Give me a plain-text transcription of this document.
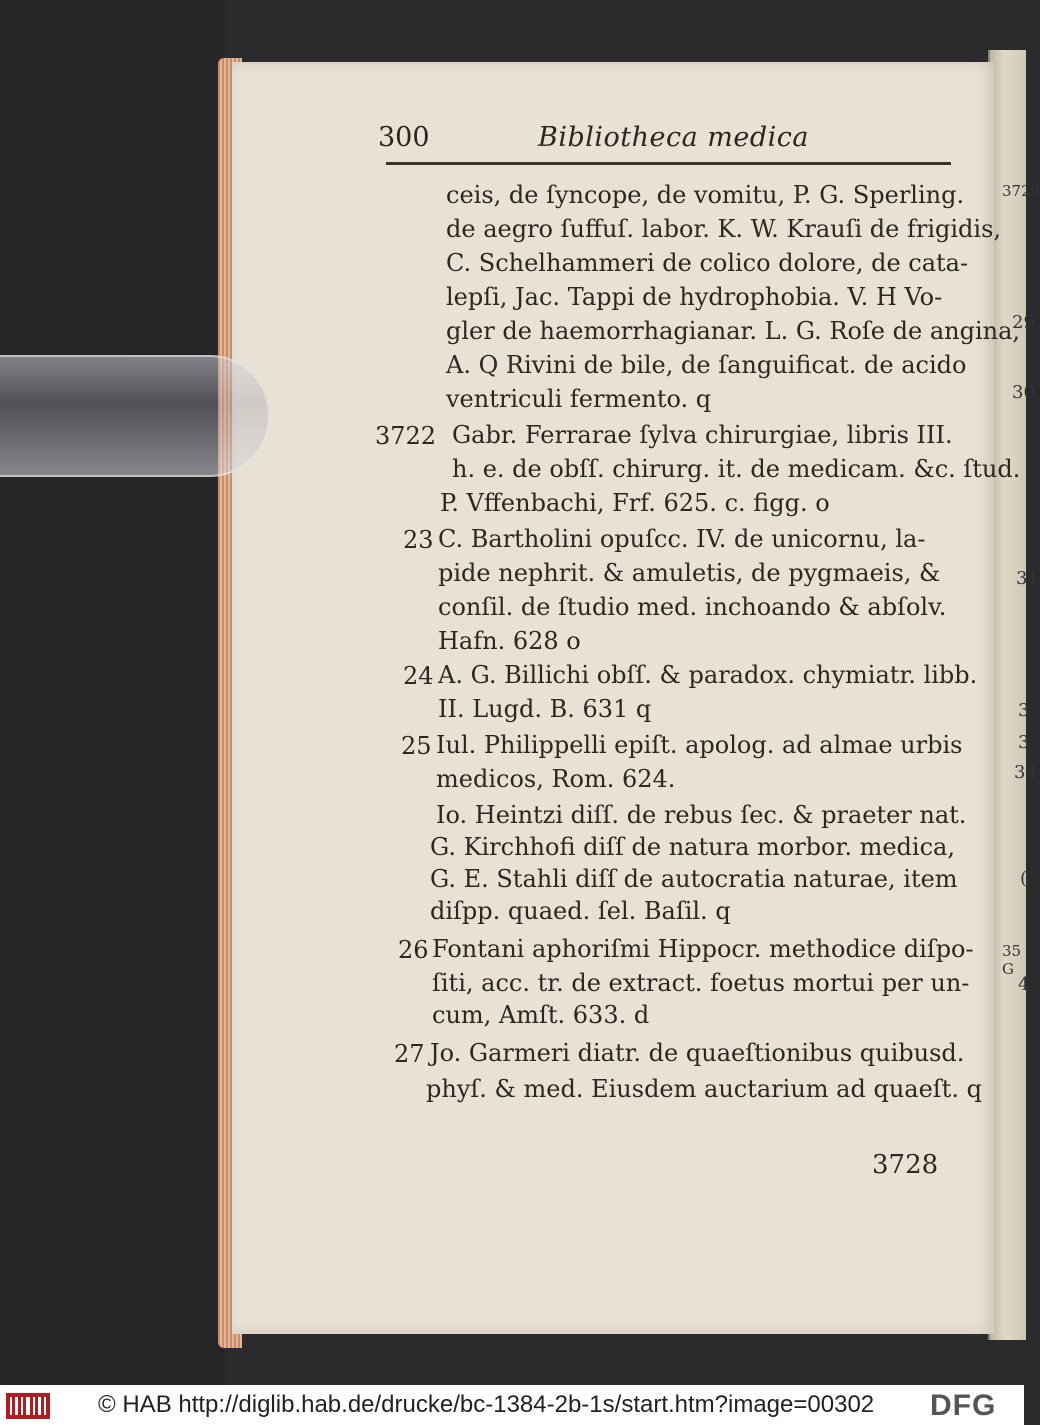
3728
29
30
31
3
3
34
(
35 G
4
300	Bibliotheca medica
ceis, de ſyncope, de vomitu, P. G. Sperling.
de aegro ſuffuſ. labor. K. W. Krauſi de frigidis,
C. Schelhammeri de colico dolore, de cata-
lepſi, Jac. Tappi de hydrophobia. V. H Vo-
gler de haemorrhagianar. L. G. Roſe de angina,
A. Q Rivini de bile, de ſanguificat. de acido
ventriculi fermento. q
3722 Gabr. Ferrarae ſylva chirurgiae, libris III.
h. e. de obſſ. chirurg. it. de medicam. &c. ſtud.
P. Vffenbachi, Frf. 625. c. figg. o
23 C. Bartholini opuſcc. IV. de unicornu, la-
pide nephrit. & amuletis, de pygmaeis, &
conſil. de ſtudio med. inchoando & abſolv.
Hafn. 628 o
24 A. G. Billichi obſſ. & paradox. chymiatr. libb.
II. Lugd. B. 631 q
25 Iul. Philippelli epiſt. apolog. ad almae urbis
medicos, Rom. 624.
Io. Heintzi diſſ. de rebus ſec. & praeter nat.
G. Kirchhofi diſſ de natura morbor. medica,
G. E. Stahli diſſ de autocratia naturae, item
diſpp. quaed. ſel. Baſil. q
26 Fontani aphoriſmi Hippocr. methodice diſpo-
ſiti, acc. tr. de extract. foetus mortui per un-
cum, Amſt. 633. d
27 Jo. Garmeri diatr. de quaeſtionibus quibusd.
phyſ. & med. Eiusdem auctarium ad quaeſt. q
3728
© HAB http://diglib.hab.de/drucke/bc-1384-2b-1s/start.htm?image=00302 DFG
